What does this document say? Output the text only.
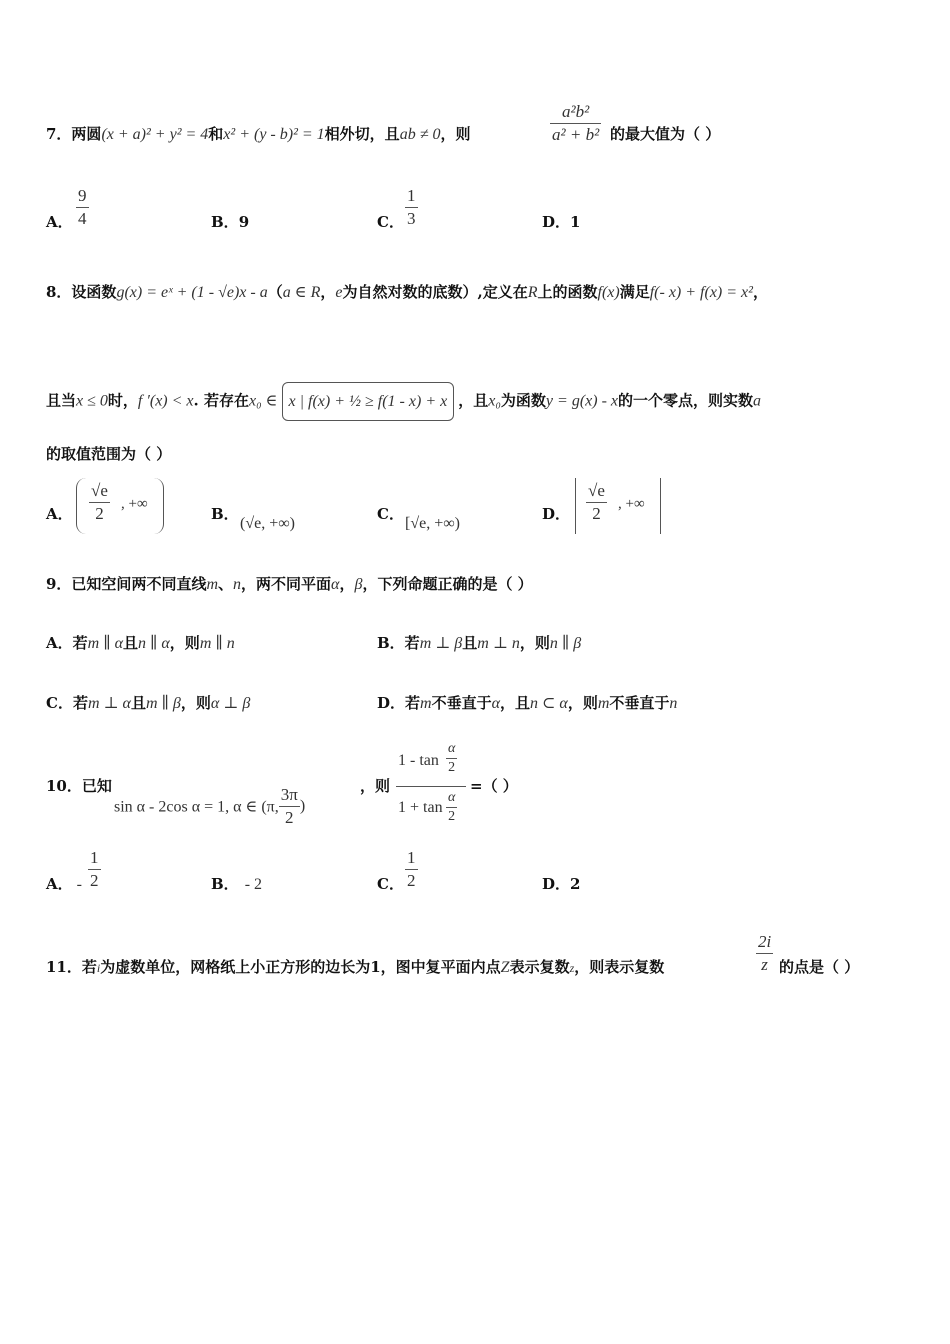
7．两圆(x + a)² + y² = 4和x² + (y - b)² = 1相外切，且ab ≠ 0，则	$\frac{\text{a²b²}}{\text{a² + b²}}$ 的最大值为（ ）
A． $\frac{9}{4}$	B．9	C． $\frac{1}{3}$	D．1
8．设函数g(x) = eˣ + (1 - √e)x - a（a ∈ R，e为自然对数的底数）,定义在R上的函数f(x)满足f(- x) + f(x) = x²，
且当x ≤ 0时，f ′(x) < x. 若存在x₀ ∈ x | f(x) + ½ ≥ f(1 - x) + x ，且x₀为函数y = g(x) - x的一个零点，则实数a
的取值范围为（ ）
A． $\frac{√e}{2}$ , +∞
B．
(√e, +∞)
C．
[√e, +∞)
D． $\frac{√e}{2}$ , +∞
9．已知空间两不同直线m、n，两不同平面α，β，下列命题正确的是（ ）
A．若m ∥ α且n ∥ α，则m ∥ n	B．若m ⊥ β且m ⊥ n，则n ∥ β
C．若m ⊥ α且m ∥ β，则α ⊥ β	D．若m不垂直于α，且n ⊂ α，则m不垂直于n
10．已知
sin α - 2cos α = 1, α ∈ (π, $\frac{3\pi}{2}$ )
，则
$1 - \tan \frac{\alpha}{2}$
$1 + \tan \frac{\alpha}{2}$
=（ ）
A． - $\frac{1}{2}$	B． - 2	C． $\frac{1}{2}$	D．2
11．若i为虚数单位，网格纸上小正方形的边长为1，图中复平面内点Z表示复数z，则表示复数	$\frac{2i}{z}$ 的点是（ ）
